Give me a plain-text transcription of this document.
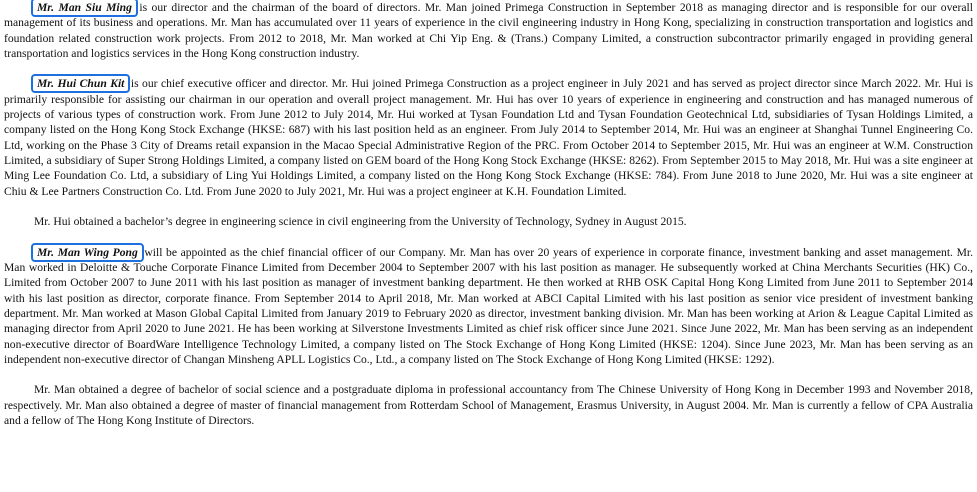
Mr. Man Siu Ming is our director and the chairman of the board of directors. Mr. Man joined Primega Construction in September 2018 as managing director and is responsible for our overall management of its business and operations. Mr. Man has accumulated over 11 years of experience in the civil engineering industry in Hong Kong, specializing in construction transportation and logistics and foundation related construction work projects. From 2012 to 2018, Mr. Man worked at Chi Yip Eng. & (Trans.) Company Limited, a construction subcontractor primarily engaged in providing general transportation and logistics services in the Hong Kong construction industry.

Mr. Hui Chun Kit is our chief executive officer and director. Mr. Hui joined Primega Construction as a project engineer in July 2021 and has served as project director since March 2022. Mr. Hui is primarily responsible for assisting our chairman in our operation and overall project management. Mr. Hui has over 10 years of experience in engineering and construction and has managed numerous of projects of various types of construction work. From June 2012 to July 2014, Mr. Hui worked at Tysan Foundation Ltd and Tysan Foundation Geotechnical Ltd, subsidiaries of Tysan Holdings Limited, a company listed on the Hong Kong Stock Exchange (HKSE: 687) with his last position held as an engineer. From July 2014 to September 2014, Mr. Hui was an engineer at Shanghai Tunnel Engineering Co. Ltd, working on the Phase 3 City of Dreams retail expansion in the Macao Special Administrative Region of the PRC. From October 2014 to September 2015, Mr. Hui was an engineer at W.M. Construction Limited, a subsidiary of Super Strong Holdings Limited, a company listed on GEM board of the Hong Kong Stock Exchange (HKSE: 8262). From September 2015 to May 2018, Mr. Hui was a site engineer at Ming Lee Foundation Co. Ltd, a subsidiary of Ling Yui Holdings Limited, a company listed on the Hong Kong Stock Exchange (HKSE: 784). From June 2018 to June 2020, Mr. Hui was a site engineer at Chiu & Lee Partners Construction Co. Ltd. From June 2020 to July 2021, Mr. Hui was a project engineer at K.H. Foundation Limited.

Mr. Hui obtained a bachelor’s degree in engineering science in civil engineering from the University of Technology, Sydney in August 2015.

Mr. Man Wing Pong will be appointed as the chief financial officer of our Company. Mr. Man has over 20 years of experience in corporate finance, investment banking and asset management. Mr. Man worked in Deloitte & Touche Corporate Finance Limited from December 2004 to September 2007 with his last position as manager. He subsequently worked at China Merchants Securities (HK) Co., Limited from October 2007 to June 2011 with his last position as manager of investment banking department. He then worked at RHB OSK Capital Hong Kong Limited from June 2011 to September 2014 with his last position as director, corporate finance. From September 2014 to April 2018, Mr. Man worked at ABCI Capital Limited with his last position as senior vice president of investment banking department. Mr. Man worked at Mason Global Capital Limited from January 2019 to February 2020 as director, investment banking division. Mr. Man has been working at Arion & League Capital Limited as managing director from April 2020 to June 2021. He has been working at Silverstone Investments Limited as chief risk officer since June 2021. Since June 2022, Mr. Man has been serving as an independent non-executive director of BoardWare Intelligence Technology Limited, a company listed on The Stock Exchange of Hong Kong Limited (HKSE: 1204). Since June 2023, Mr. Man has been serving as an independent non-executive director of Changan Minsheng APLL Logistics Co., Ltd., a company listed on The Stock Exchange of Hong Kong Limited (HKSE: 1292).

Mr. Man obtained a degree of bachelor of social science and a postgraduate diploma in professional accountancy from The Chinese University of Hong Kong in December 1993 and November 2018, respectively. Mr. Man also obtained a degree of master of financial management from Rotterdam School of Management, Erasmus University, in August 2004. Mr. Man is currently a fellow of CPA Australia and a fellow of The Hong Kong Institute of Directors.
